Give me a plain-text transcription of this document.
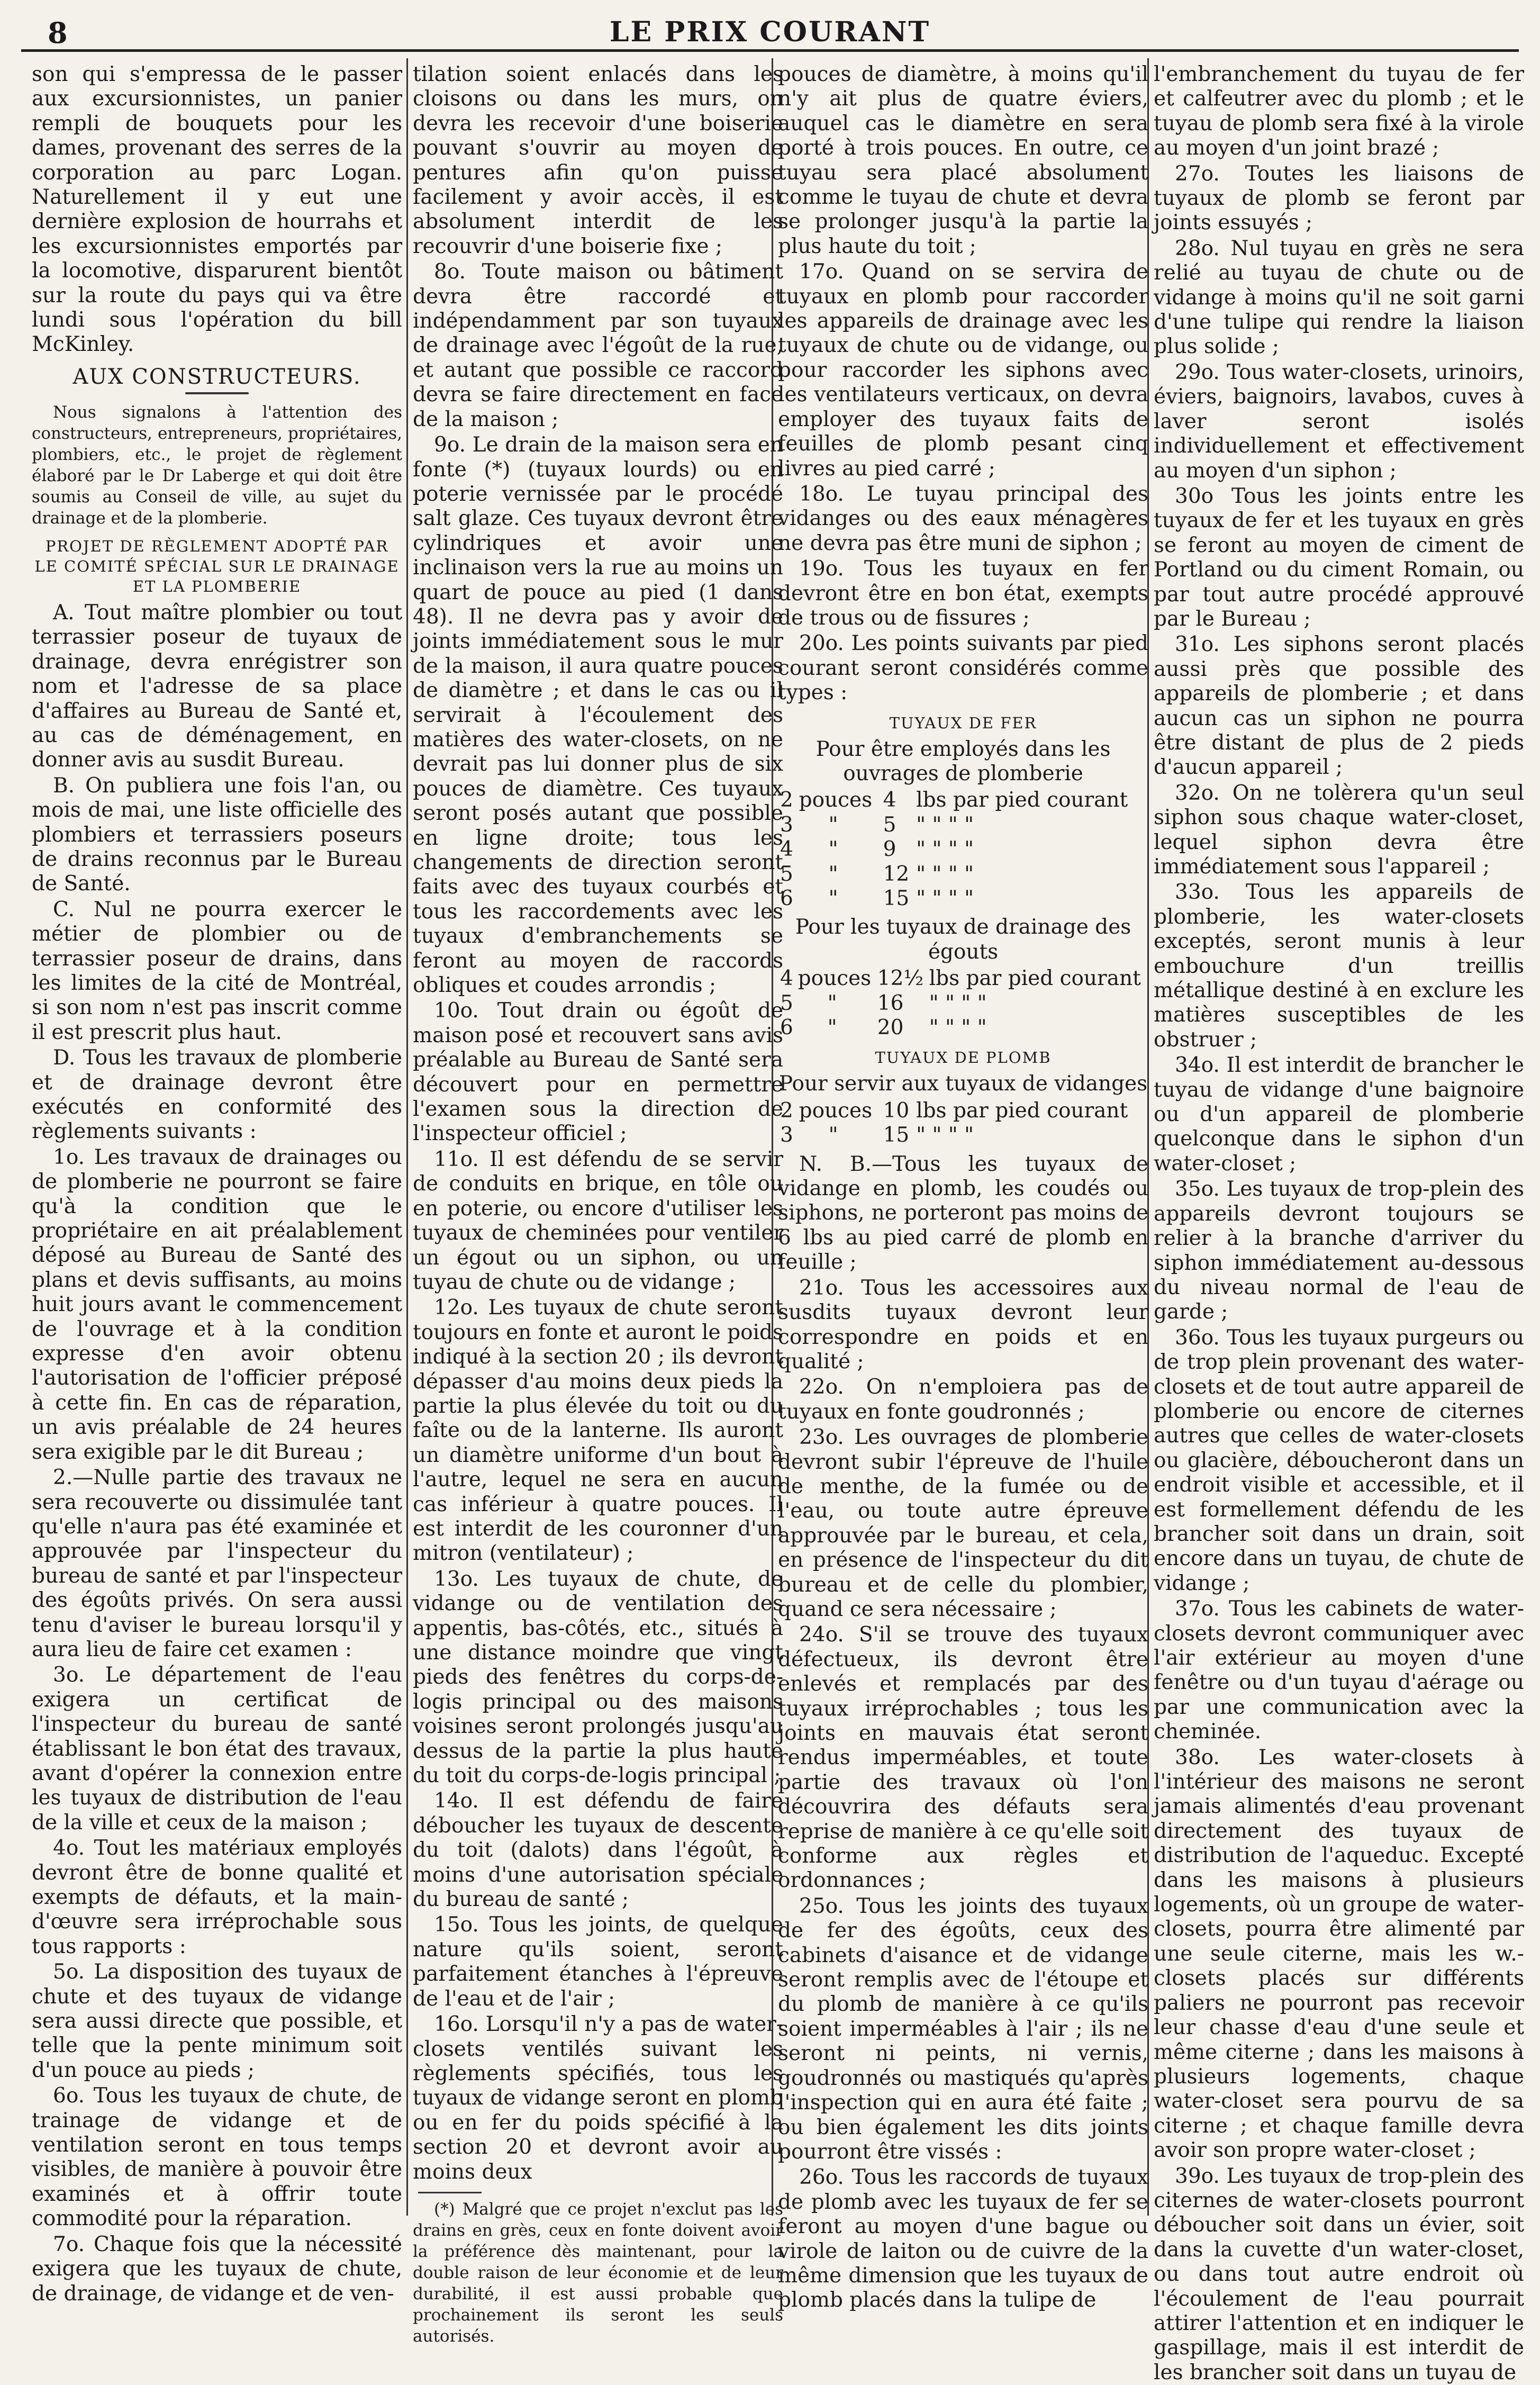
8	LE PRIX COURANT

son qui s'empressa de le passer aux excursionnistes, un panier rempli de bouquets pour les dames, provenant des serres de la corporation au parc Logan. Naturellement il y eut une dernière explosion de hourrahs et les excursionnistes emportés par la locomotive, disparurent bientôt sur la route du pays qui va être lundi sous l'opération du bill McKinley.

AUX CONSTRUCTEURS.

Nous signalons à l'attention des constructeurs, entrepreneurs, propriétaires, plombiers, etc., le projet de règlement élaboré par le Dr Laberge et qui doit être soumis au Conseil de ville, au sujet du drainage et de la plomberie.

PROJET DE RÈGLEMENT ADOPTÉ PAR LE COMITÉ SPÉCIAL SUR LE DRAINAGE ET LA PLOMBERIE

A. Tout maître plombier ou tout terrassier poseur de tuyaux de drainage, devra enrégistrer son nom et l'adresse de sa place d'affaires au Bureau de Santé et, au cas de déménagement, en donner avis au susdit Bureau.

B. On publiera une fois l'an, ou mois de mai, une liste officielle des plombiers et terrassiers poseurs de drains reconnus par le Bureau de Santé.

C. Nul ne pourra exercer le métier de plombier ou de terrassier poseur de drains, dans les limites de la cité de Montréal, si son nom n'est pas inscrit comme il est prescrit plus haut.

D. Tous les travaux de plomberie et de drainage devront être exécutés en conformité des règlements suivants :

1o. Les travaux de drainages ou de plomberie ne pourront se faire qu'à la condition que le propriétaire en ait préalablement déposé au Bureau de Santé des plans et devis suffisants, au moins huit jours avant le commencement de l'ouvrage et à la condition expresse d'en avoir obtenu l'autorisation de l'officier préposé à cette fin. En cas de réparation, un avis préalable de 24 heures sera exigible par le dit Bureau ;

2.—Nulle partie des travaux ne sera recouverte ou dissimulée tant qu'elle n'aura pas été examinée et approuvée par l'inspecteur du bureau de santé et par l'inspecteur des égoûts privés. On sera aussi tenu d'aviser le bureau lorsqu'il y aura lieu de faire cet examen :

3o. Le département de l'eau exigera un certificat de l'inspecteur du bureau de santé établissant le bon état des travaux, avant d'opérer la connexion entre les tuyaux de distribution de l'eau de la ville et ceux de la maison ;

4o. Tout les matériaux employés devront être de bonne qualité et exempts de défauts, et la main-d'œuvre sera irréprochable sous tous rapports :

5o. La disposition des tuyaux de chute et des tuyaux de vidange sera aussi directe que possible, et telle que la pente minimum soit d'un pouce au pieds ;

6o. Tous les tuyaux de chute, de trainage de vidange et de ventilation seront en tous temps visibles, de manière à pouvoir être examinés et à offrir toute commodité pour la réparation.

7o. Chaque fois que la nécessité exigera que les tuyaux de chute, de drainage, de vidange et de ven-

tilation soient enlacés dans les cloisons ou dans les murs, on devra les recevoir d'une boiserie pouvant s'ouvrir au moyen de pentures afin qu'on puisse facilement y avoir accès, il est absolument interdit de les recouvrir d'une boiserie fixe ;

8o. Toute maison ou bâtiment devra être raccordé et indépendamment par son tuyaux de drainage avec l'égoût de la rue, et autant que possible ce raccord devra se faire directement en face de la maison ;

9o. Le drain de la maison sera en fonte (*) (tuyaux lourds) ou en poterie vernissée par le procédé salt glaze. Ces tuyaux devront être cylindriques et avoir une inclinaison vers la rue au moins un quart de pouce au pied (1 dans 48). Il ne devra pas y avoir de joints immédiatement sous le mur de la maison, il aura quatre pouces de diamètre ; et dans le cas ou il servirait à l'écoulement des matières des water-closets, on ne devrait pas lui donner plus de six pouces de diamètre. Ces tuyaux seront posés autant que possible en ligne droite; tous les changements de direction seront faits avec des tuyaux courbés et tous les raccordements avec les tuyaux d'embranchements se feront au moyen de raccords obliques et coudes arrondis ;

10o. Tout drain ou égoût de maison posé et recouvert sans avis préalable au Bureau de Santé sera découvert pour en permettre l'examen sous la direction de l'inspecteur officiel ;

11o. Il est défendu de se servir de conduits en brique, en tôle ou en poterie, ou encore d'utiliser les tuyaux de cheminées pour ventiler un égout ou un siphon, ou un tuyau de chute ou de vidange ;

12o. Les tuyaux de chute seront toujours en fonte et auront le poids indiqué à la section 20 ; ils devront dépasser d'au moins deux pieds la partie la plus élevée du toit ou du faîte ou de la lanterne. Ils auront un diamètre uniforme d'un bout à l'autre, lequel ne sera en aucun cas inférieur à quatre pouces. Il est interdit de les couronner d'un mitron (ventilateur) ;

13o. Les tuyaux de chute, de vidange ou de ventilation des appentis, bas-côtés, etc., situés à une distance moindre que vingt pieds des fenêtres du corps-de-logis principal ou des maisons voisines seront prolongés jusqu'au dessus de la partie la plus haute du toit du corps-de-logis principal ;

14o. Il est défendu de faire déboucher les tuyaux de descente du toit (dalots) dans l'égoût, à moins d'une autorisation spéciale du bureau de santé ;

15o. Tous les joints, de quelque nature qu'ils soient, seront parfaitement étanches à l'épreuve de l'eau et de l'air ;

16o. Lorsqu'il n'y a pas de water-closets ventilés suivant les règlements spécifiés, tous les tuyaux de vidange seront en plomb ou en fer du poids spécifié à la section 20 et devront avoir au moins deux

(*) Malgré que ce projet n'exclut pas les drains en grès, ceux en fonte doivent avoir la préférence dès maintenant, pour la double raison de leur économie et de leur durabilité, il est aussi probable que prochainement ils seront les seuls autorisés.

pouces de diamètre, à moins qu'il n'y ait plus de quatre éviers, auquel cas le diamètre en sera porté à trois pouces. En outre, ce tuyau sera placé absolument comme le tuyau de chute et devra se prolonger jusqu'à la partie la plus haute du toit ;

17o. Quand on se servira de tuyaux en plomb pour raccorder les appareils de drainage avec les tuyaux de chute ou de vidange, ou pour raccorder les siphons avec les ventilateurs verticaux, on devra employer des tuyaux faits de feuilles de plomb pesant cinq livres au pied carré ;

18o. Le tuyau principal des vidanges ou des eaux ménagères ne devra pas être muni de siphon ;

19o. Tous les tuyaux en fer devront être en bon état, exempts de trous ou de fissures ;

20o. Les points suivants par pied courant seront considérés comme types :

TUYAUX DE FER

Pour être employés dans les ouvrages de plomberie

2	pouces	4	lbs par pied courant
3	"	5	" " " "
4	"	9	" " " "
5	"	12	" " " "
6	"	15	" " " "

Pour les tuyaux de drainage des égouts

4	pouces	12½	lbs par pied courant
5	"	16	" " " "
6	"	20	" " " "
TUYAUX DE PLOMB

Pour servir aux tuyaux de vidanges

2	pouces	10	lbs par pied courant
3	"	15	" " " "

N. B.—Tous les tuyaux de vidange en plomb, les coudés ou siphons, ne porteront pas moins de 6 lbs au pied carré de plomb en feuille ;

21o. Tous les accessoires aux susdits tuyaux devront leur correspondre en poids et en qualité ;

22o. On n'emploiera pas de tuyaux en fonte goudronnés ;

23o. Les ouvrages de plomberie devront subir l'épreuve de l'huile de menthe, de la fumée ou de l'eau, ou toute autre épreuve approuvée par le bureau, et cela, en présence de l'inspecteur du dit bureau et de celle du plombier, quand ce sera nécessaire ;

24o. S'il se trouve des tuyaux défectueux, ils devront être enlevés et remplacés par des tuyaux irréprochables ; tous les joints en mauvais état seront rendus imperméables, et toute partie des travaux où l'on découvrira des défauts sera reprise de manière à ce qu'elle soit conforme aux règles et ordonnances ;

25o. Tous les joints des tuyaux de fer des égoûts, ceux des cabinets d'aisance et de vidange seront remplis avec de l'étoupe et du plomb de manière à ce qu'ils soient imperméables à l'air ; ils ne seront ni peints, ni vernis, goudronnés ou mastiqués qu'après l'inspection qui en aura été faite ; ou bien également les dits joints pourront être vissés :

26o. Tous les raccords de tuyaux de plomb avec les tuyaux de fer se feront au moyen d'une bague ou virole de laiton ou de cuivre de la même dimension que les tuyaux de plomb placés dans la tulipe de

l'embranchement du tuyau de fer et calfeutrer avec du plomb ; et le tuyau de plomb sera fixé à la virole au moyen d'un joint brazé ;

27o. Toutes les liaisons de tuyaux de plomb se feront par joints essuyés ;

28o. Nul tuyau en grès ne sera relié au tuyau de chute ou de vidange à moins qu'il ne soit garni d'une tulipe qui rendre la liaison plus solide ;

29o. Tous water-closets, urinoirs, éviers, baignoirs, lavabos, cuves à laver seront isolés individuellement et effectivement au moyen d'un siphon ;

30o Tous les joints entre les tuyaux de fer et les tuyaux en grès se feront au moyen de ciment de Portland ou du ciment Romain, ou par tout autre procédé approuvé par le Bureau ;

31o. Les siphons seront placés aussi près que possible des appareils de plomberie ; et dans aucun cas un siphon ne pourra être distant de plus de 2 pieds d'aucun appareil ;

32o. On ne tolèrera qu'un seul siphon sous chaque water-closet, lequel siphon devra être immédiatement sous l'appareil ;

33o. Tous les appareils de plomberie, les water-closets exceptés, seront munis à leur embouchure d'un treillis métallique destiné à en exclure les matières susceptibles de les obstruer ;

34o. Il est interdit de brancher le tuyau de vidange d'une baignoire ou d'un appareil de plomberie quelconque dans le siphon d'un water-closet ;

35o. Les tuyaux de trop-plein des appareils devront toujours se relier à la branche d'arriver du siphon immédiatement au-dessous du niveau normal de l'eau de garde ;

36o. Tous les tuyaux purgeurs ou de trop plein provenant des water-closets et de tout autre appareil de plomberie ou encore de citernes autres que celles de water-closets ou glacière, déboucheront dans un endroit visible et accessible, et il est formellement défendu de les brancher soit dans un drain, soit encore dans un tuyau, de chute de vidange ;

37o. Tous les cabinets de water-closets devront communiquer avec l'air extérieur au moyen d'une fenêtre ou d'un tuyau d'aérage ou par une communication avec la cheminée.

38o. Les water-closets à l'intérieur des maisons ne seront jamais alimentés d'eau provenant directement des tuyaux de distribution de l'aqueduc. Excepté dans les maisons à plusieurs logements, où un groupe de water-closets, pourra être alimenté par une seule citerne, mais les w.-closets placés sur différents paliers ne pourront pas recevoir leur chasse d'eau d'une seule et même citerne ; dans les maisons à plusieurs logements, chaque water-closet sera pourvu de sa citerne ; et chaque famille devra avoir son propre water-closet ;

39o. Les tuyaux de trop-plein des citernes de water-closets pourront déboucher soit dans un évier, soit dans la cuvette d'un water-closet, ou dans tout autre endroit où l'écoulement de l'eau pourrait attirer l'attention et en indiquer le gaspillage, mais il est interdit de les brancher soit dans un tuyau de
